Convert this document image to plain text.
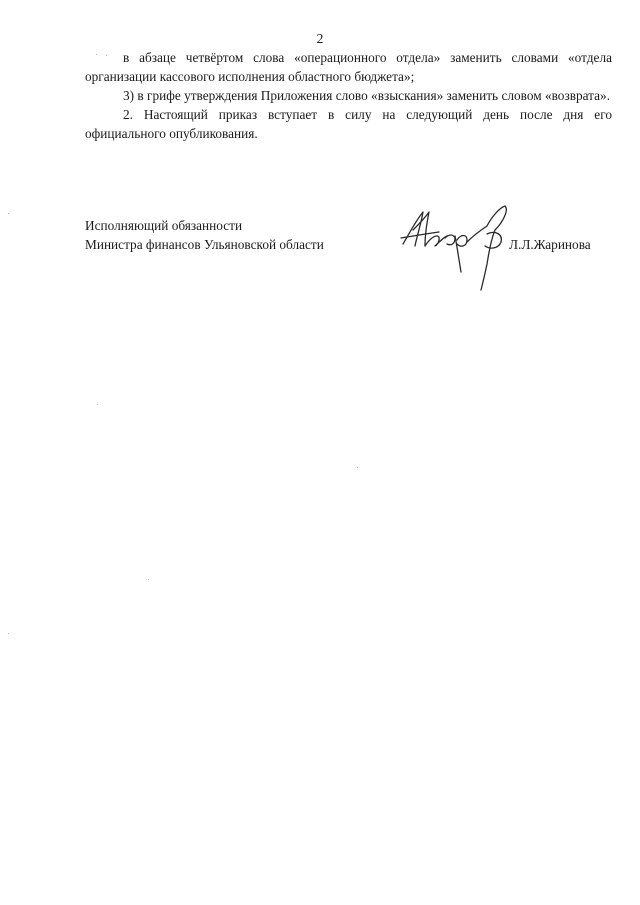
2

в абзаце четвёртом слова «операционного отдела» заменить словами «отдела организации кассового исполнения областного бюджета»;

3) в грифе утверждения Приложения слово «взыскания» заменить словом «возврата».

2. Настоящий приказ вступает в силу на следующий день после дня его официального опубликования.

Исполняющий обязанности
Министра финансов Ульяновской области	Л.Л.Жаринова
